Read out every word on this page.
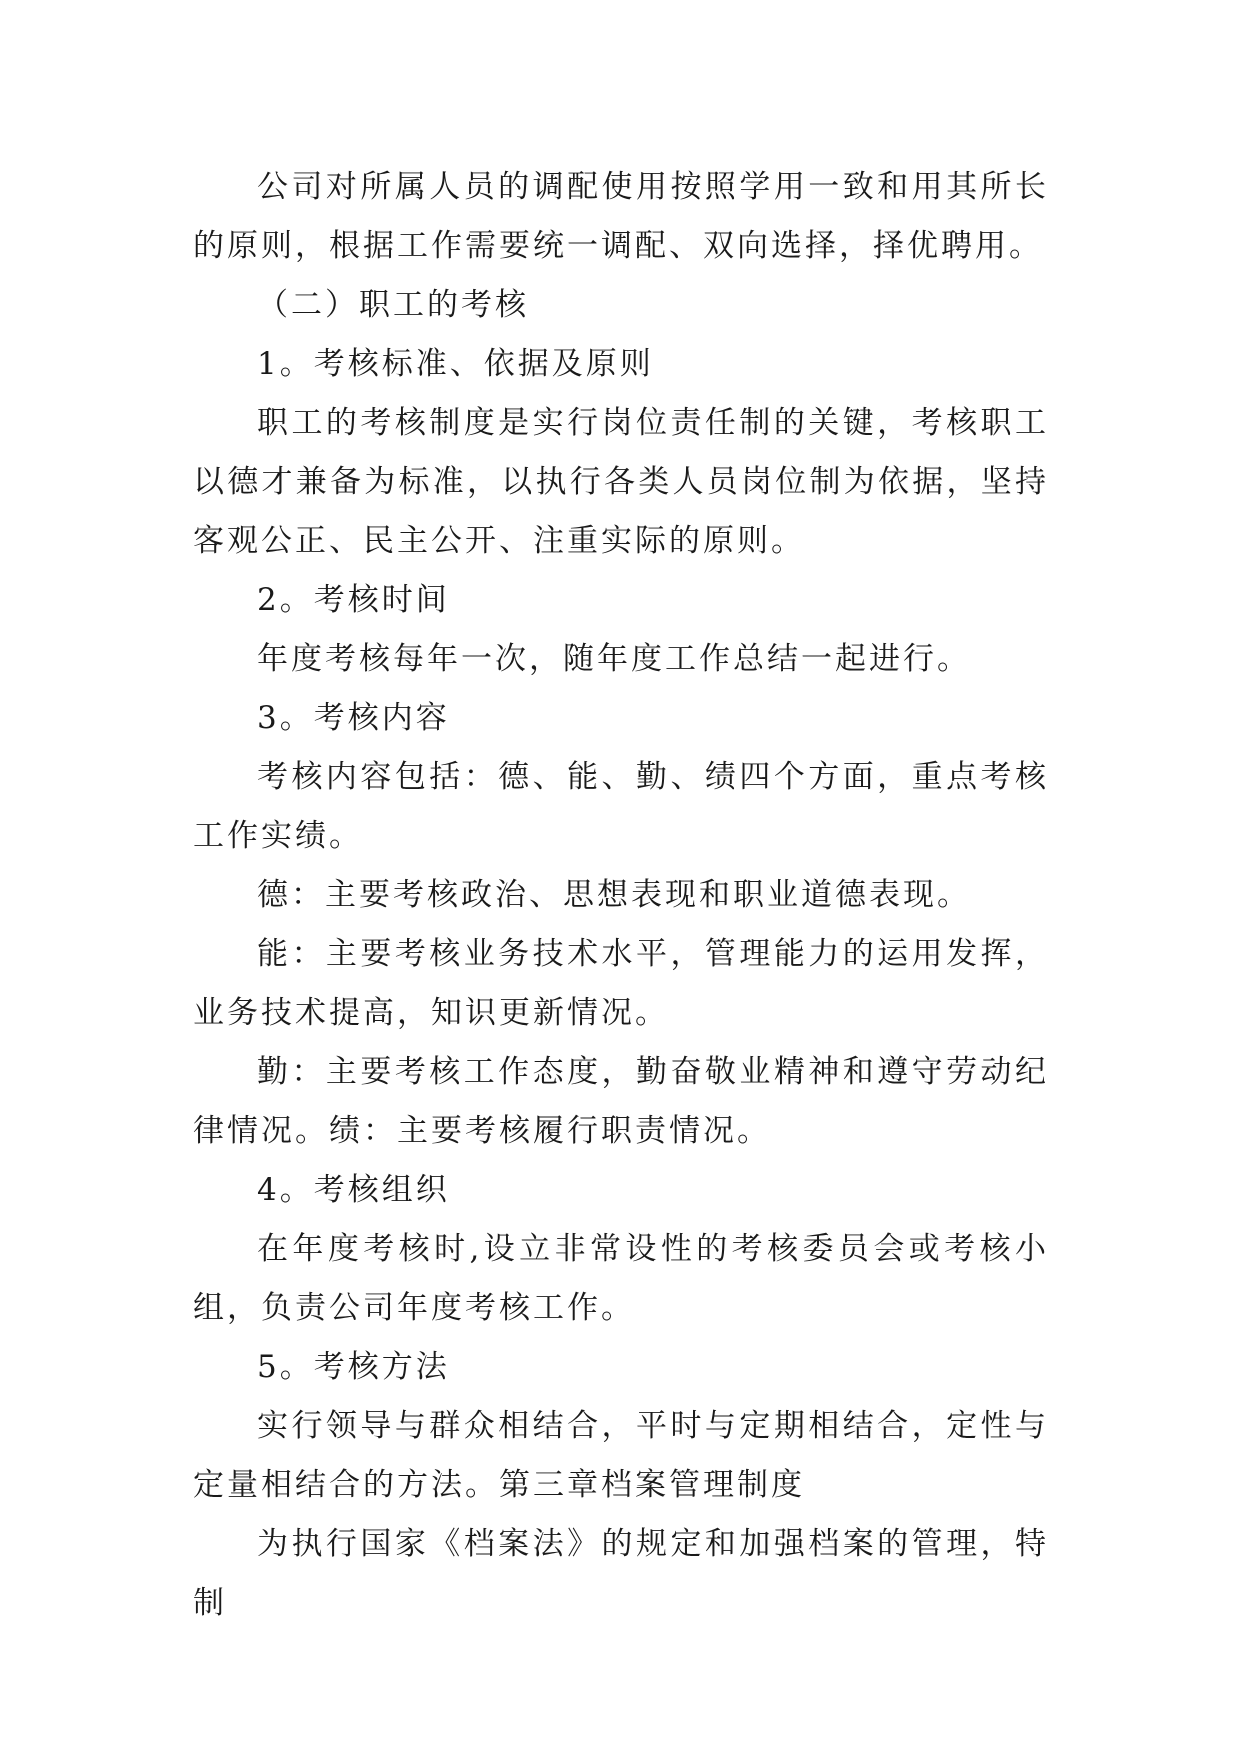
公司对所属人员的调配使用按照学用一致和用其所长的原则，根据工作需要统一调配、双向选择，择优聘用。

（二）职工的考核

1。考核标准、依据及原则

职工的考核制度是实行岗位责任制的关键，考核职工以德才兼备为标准，以执行各类人员岗位制为依据，坚持客观公正、民主公开、注重实际的原则。

2。考核时间

年度考核每年一次，随年度工作总结一起进行。

3。考核内容

考核内容包括：德、能、勤、绩四个方面，重点考核工作实绩。

德：主要考核政治、思想表现和职业道德表现。

能：主要考核业务技术水平，管理能力的运用发挥，业务技术提高，知识更新情况。

勤：主要考核工作态度，勤奋敬业精神和遵守劳动纪律情况。绩：主要考核履行职责情况。

4。考核组织

在年度考核时,设立非常设性的考核委员会或考核小组，负责公司年度考核工作。

5。考核方法

实行领导与群众相结合，平时与定期相结合，定性与定量相结合的方法。第三章档案管理制度

为执行国家《档案法》的规定和加强档案的管理，特制
